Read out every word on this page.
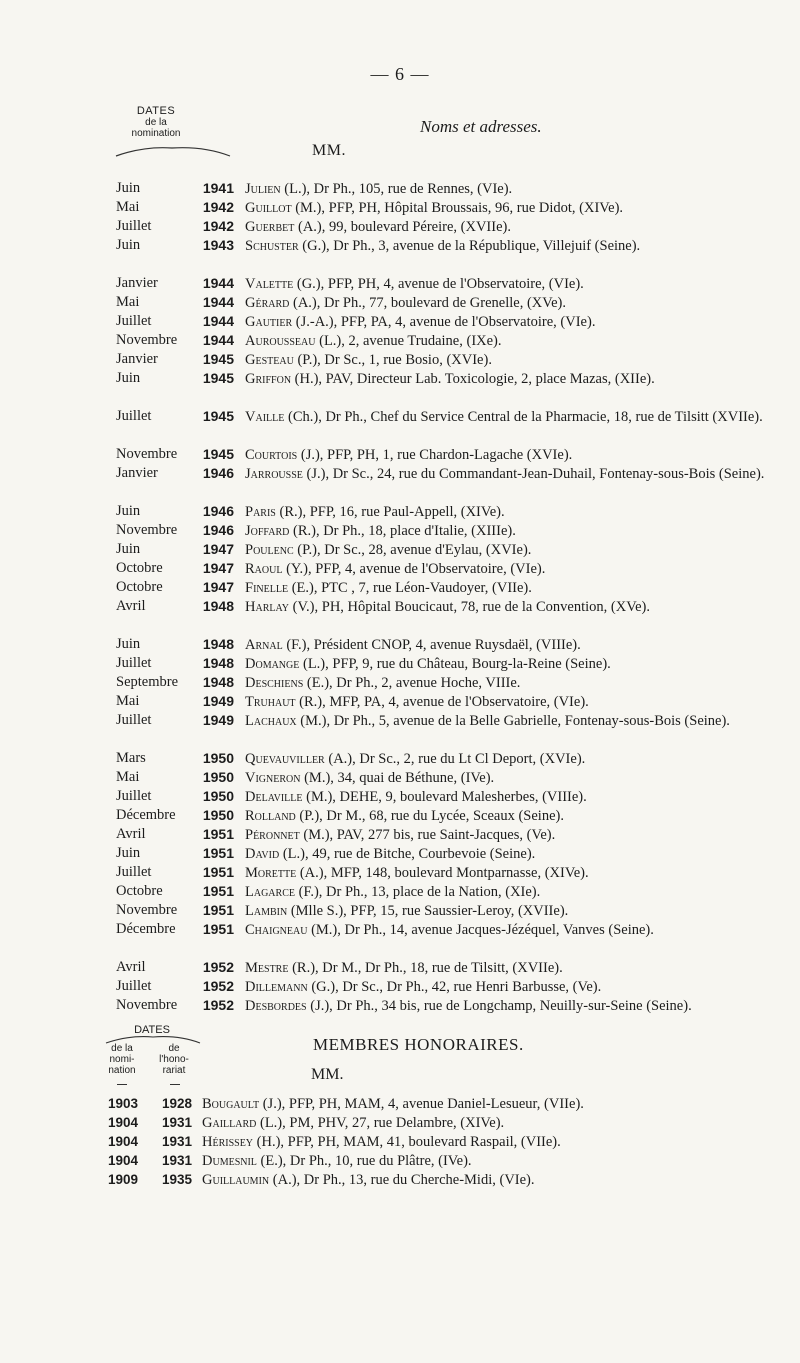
— 6 —
DATES
de la
nomination	Noms et adresses.
MM.
Juin	1941 Julien (L.), Dr Ph., 105, rue de Rennes, (VIe).
Mai	1942 Guillot (M.), PFP, PH, Hôpital Broussais, 96, rue Didot, (XIVe).
Juillet	1942 Guerbet (A.), 99, boulevard Péreire, (XVIIe).
Juin	1943 Schuster (G.), Dr Ph., 3, avenue de la République, Villejuif (Seine).
Janvier	1944 Valette (G.), PFP, PH, 4, avenue de l'Observatoire, (VIe).
Mai	1944 Gérard (A.), Dr Ph., 77, boulevard de Grenelle, (XVe).
Juillet	1944 Gautier (J.-A.), PFP, PA, 4, avenue de l'Observatoire, (VIe).
Novembre	1944 Aurousseau (L.), 2, avenue Trudaine, (IXe).
Janvier	1945 Gesteau (P.), Dr Sc., 1, rue Bosio, (XVIe).
Juin	1945 Griffon (H.), PAV, Directeur Lab. Toxicologie, 2, place Mazas, (XIIe).
Juillet	1945 Vaille (Ch.), Dr Ph., Chef du Service Central de la Pharmacie, 18, rue de Tilsitt (XVIIe).
Novembre	1945 Courtois (J.), PFP, PH, 1, rue Chardon-Lagache (XVIe).
Janvier	1946 Jarrousse (J.), Dr Sc., 24, rue du Commandant-Jean-Duhail, Fontenay-sous-Bois (Seine).
Juin	1946 Paris (R.), PFP, 16, rue Paul-Appell, (XIVe).
Novembre	1946 Joffard (R.), Dr Ph., 18, place d'Italie, (XIIIe).
Juin	1947 Poulenc (P.), Dr Sc., 28, avenue d'Eylau, (XVIe).
Octobre	1947 Raoul (Y.), PFP, 4, avenue de l'Observatoire, (VIe).
Octobre	1947 Finelle (E.), PTC , 7, rue Léon-Vaudoyer, (VIIe).
Avril	1948 Harlay (V.), PH, Hôpital Boucicaut, 78, rue de la Convention, (XVe).
Juin	1948 Arnal (F.), Président CNOP, 4, avenue Ruysdaël, (VIIIe).
Juillet	1948 Domange (L.), PFP, 9, rue du Château, Bourg-la-Reine (Seine).
Septembre	1948 Deschiens (E.), Dr Ph., 2, avenue Hoche, VIIIe.
Mai	1949 Truhaut (R.), MFP, PA, 4, avenue de l'Observatoire, (VIe).
Juillet	1949 Lachaux (M.), Dr Ph., 5, avenue de la Belle Gabrielle, Fontenay-sous-Bois (Seine).
Mars	1950 Quevauviller (A.), Dr Sc., 2, rue du Lt Cl Deport, (XVIe).
Mai	1950 Vigneron (M.), 34, quai de Béthune, (IVe).
Juillet	1950 Delaville (M.), DEHE, 9, boulevard Malesherbes, (VIIIe).
Décembre	1950 Rolland (P.), Dr M., 68, rue du Lycée, Sceaux (Seine).
Avril	1951 Péronnet (M.), PAV, 277 bis, rue Saint-Jacques, (Ve).
Juin	1951 David (L.), 49, rue de Bitche, Courbevoie (Seine).
Juillet	1951 Morette (A.), MFP, 148, boulevard Montparnasse, (XIVe).
Octobre	1951 Lagarce (F.), Dr Ph., 13, place de la Nation, (XIe).
Novembre	1951 Lambin (Mlle S.), PFP, 15, rue Saussier-Leroy, (XVIIe).
Décembre	1951 Chaigneau (M.), Dr Ph., 14, avenue Jacques-Jézéquel, Vanves (Seine).
Avril	1952 Mestre (R.), Dr M., Dr Ph., 18, rue de Tilsitt, (XVIIe).
Juillet	1952 Dillemann (G.), Dr Sc., Dr Ph., 42, rue Henri Barbusse, (Ve).
Novembre	1952 Desbordes (J.), Dr Ph., 34 bis, rue de Longchamp, Neuilly-sur-Seine (Seine).
DATES
de la
nomi-
nation
de
l'hono-
rariat
MEMBRES HONORAIRES.
MM.
1903	1928 Bougault (J.), PFP, PH, MAM, 4, avenue Daniel-Lesueur, (VIIe).
1904	1931 Gaillard (L.), PM, PHV, 27, rue Delambre, (XIVe).
1904	1931 Hérissey (H.), PFP, PH, MAM, 41, boulevard Raspail, (VIIe).
1904	1931 Dumesnil (E.), Dr Ph., 10, rue du Plâtre, (IVe).
1909	1935 Guillaumin (A.), Dr Ph., 13, rue du Cherche-Midi, (VIe).
